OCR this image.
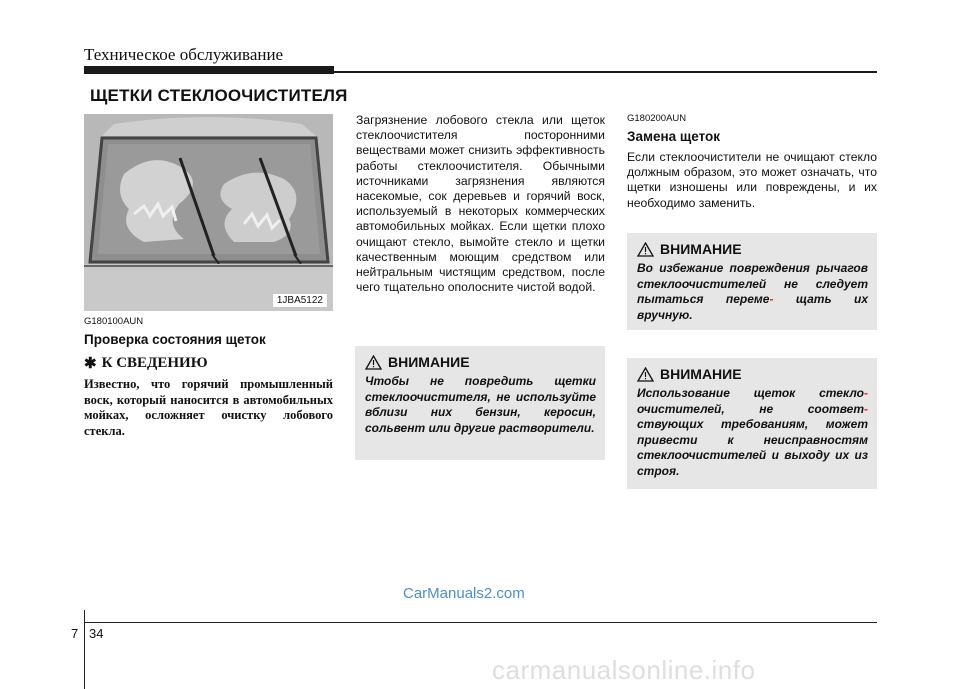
Техническое обслуживание
ЩЕТКИ СТЕКЛООЧИСТИТЕЛЯ
1JBA5122
G180100AUN
Проверка состояния щеток
✱ К СВЕДЕНИЮ
Известно, что горячий промышленный воск, который наносится в автомобильных мойках, осложняет очистку лобового стекла.
Загрязнение лобового стекла или щеток стеклоочистителя посторонними веществами может снизить эффективность работы стеклоочистителя. Обычными источниками загрязнения являются насекомые, сок деревьев и горячий воск, используемый в некоторых коммерческих автомобильных мойках. Если щетки плохо очищают стекло, вымойте стекло и щетки качественным моющим средством или нейтральным чистящим средством, после чего тщательно ополосните чистой водой.
ВНИМАНИЕ
Чтобы не повредить щетки стеклоочистителя, не используйте вблизи них бензин, керосин, сольвент или другие растворители.
G180200AUN
Замена щеток
Если стеклоочистители не очищают стекло должным образом, это может означать, что щетки изношены или повреждены, и их необходимо заменить.
ВНИМАНИЕ
Во избежание повреждения рычагов стеклоочистителей не следует пытаться переме- щать их вручную.
ВНИМАНИЕ
Использование щеток стекло- очистителей, не соответ- ствующих требованиям, может привести к неисправностям стеклоочистителей и выходу их из строя.
CarManuals2.com
7 34
carmanualsonline.info
